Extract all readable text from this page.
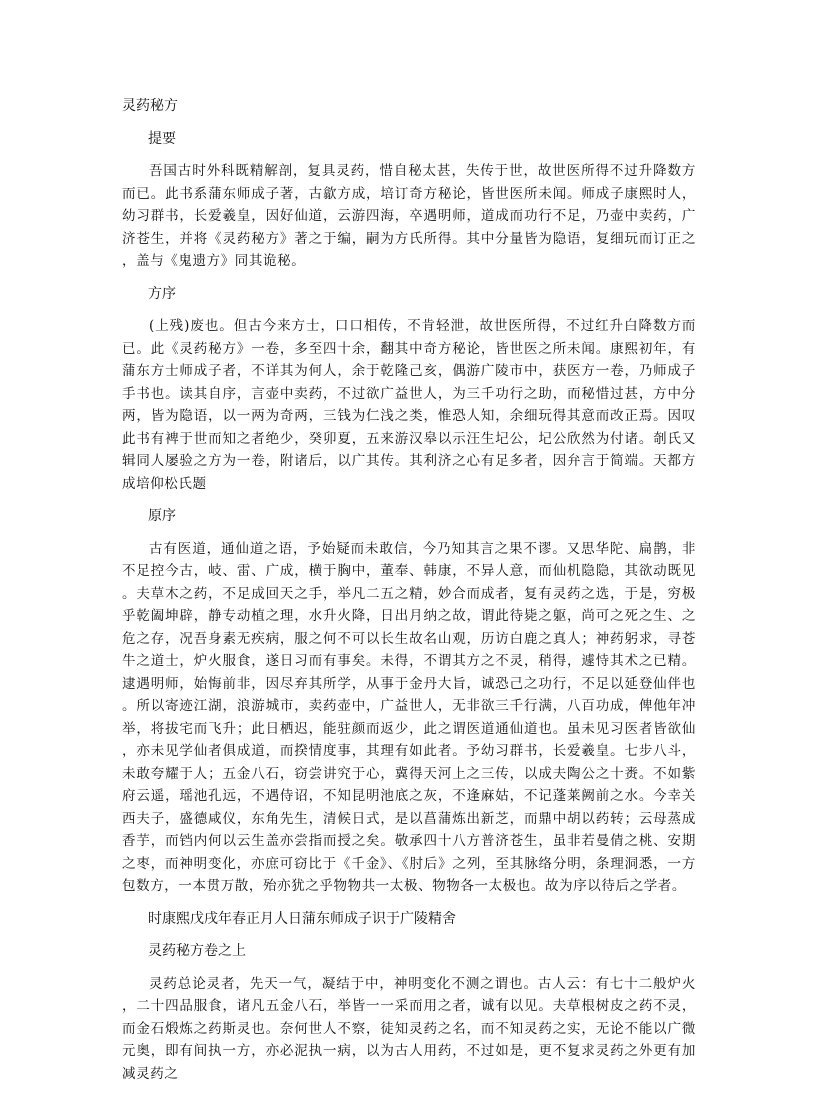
灵药秘方
提要
吾国古时外科既精解剖，复具灵药，惜自秘太甚，失传于世，故世医所得不过升降数方而已。此书系蒲东师成子著，古歙方成，培订奇方秘论，皆世医所未闻。师成子康熙时人，幼习群书，长爱羲皇，因好仙道，云游四海，卒遇明师，道成而功行不足，乃壶中卖药，广济苍生，并将《灵药秘方》著之于编，嗣为方氏所得。其中分量皆为隐语，复细玩而订正之，盖与《鬼遗方》同其诡秘。
方序
(上残)废也。但古今来方士，口口相传，不肯轻泄，故世医所得，不过红升白降数方而已。此《灵药秘方》一卷，多至四十余，翻其中奇方秘论，皆世医之所未闻。康熙初年，有蒲东方士师成子者，不详其为何人，余于乾隆己亥，偶游广陵市中，获医方一卷，乃师成子手书也。读其自序，言壶中卖药，不过欲广益世人，为三千功行之助，而秘惜过甚，方中分两，皆为隐语，以一两为奇两，三钱为仁浅之类，惟恐人知，余细玩得其意而改正焉。因叹此书有裨于世而知之者绝少，癸卯夏，五来游汉皋以示汪生圮公，圮公欣然为付诸。剞氏又辑同人屡验之方为一卷，附诸后，以广其传。其利济之心有足多者，因弁言于简端。天都方成培仰松氏题
原序
古有医道，通仙道之语，予始疑而未敢信，今乃知其言之果不谬。又思华陀、扁鹊，非不足控今古，岐、雷、广成，横于胸中，董奉、韩康，不异人意，而仙机隐隐，其欲动既见。夫草木之药，不足成回天之手，举凡二五之精，妙合而成者，复有灵药之选，于是，穷极乎乾阖坤辟，静专动植之理，水升火降，日出月纳之故，谓此待毙之躯，尚可之死之生、之危之存，况吾身素无疾病，服之何不可以长生故名山观，历访白鹿之真人；神药躬求，寻苍牛之道士，炉火服食，遂日习而有事矣。未得，不谓其方之不灵，稍得，遽恃其术之已精。逮遇明师，始悔前非，因尽弃其所学，从事于金丹大旨，诚恐己之功行，不足以延登仙伴也。所以寄迹江湖，浪游城市，卖药壶中，广益世人，无非欲三千行满，八百功成，俾他年冲举，将拔宅而飞升；此日栖迟，能驻颜而返少，此之谓医道通仙道也。虽未见习医者皆欲仙，亦未见学仙者俱成道，而揆情度事，其理有如此者。予幼习群书，长爱羲皇。七步八斗，未敢夸耀于人；五金八石，窃尝讲究于心，冀得天河上之三传，以成夫陶公之十赉。不如紫府云遥，瑶池孔远，不遇侍诏，不知昆明池底之灰，不逢麻姑，不记蓬莱阙前之水。今幸关西夫子，盛德咸仪，东角先生，清候日式，是以菖蒲炼出新芝，而鼎中胡以药转；云母蒸成香芋，而铛内何以云生盖亦尝指而授之矣。敬承四十八方普济苍生，虽非若曼倩之桃、安期之枣，而神明变化，亦庶可窃比于《千金》、《肘后》之列，至其脉络分明，条理洞悉，一方包数方，一本贯万散，殆亦犹之乎物物共一太极、物物各一太极也。故为序以待后之学者。
时康熙戊戌年春正月人日蒲东师成子识于广陵精舍
灵药秘方卷之上
灵药总论灵者，先天一气，凝结于中，神明变化不测之谓也。古人云：有七十二般炉火，二十四品服食，诸凡五金八石，举皆一一采而用之者，诚有以见。夫草根树皮之药不灵，而金石煅炼之药斯灵也。奈何世人不察，徒知灵药之名，而不知灵药之实，无论不能以广微元奥，即有间执一方，亦必泥执一病，以为古人用药，不过如是，更不复求灵药之外更有加减灵药之
